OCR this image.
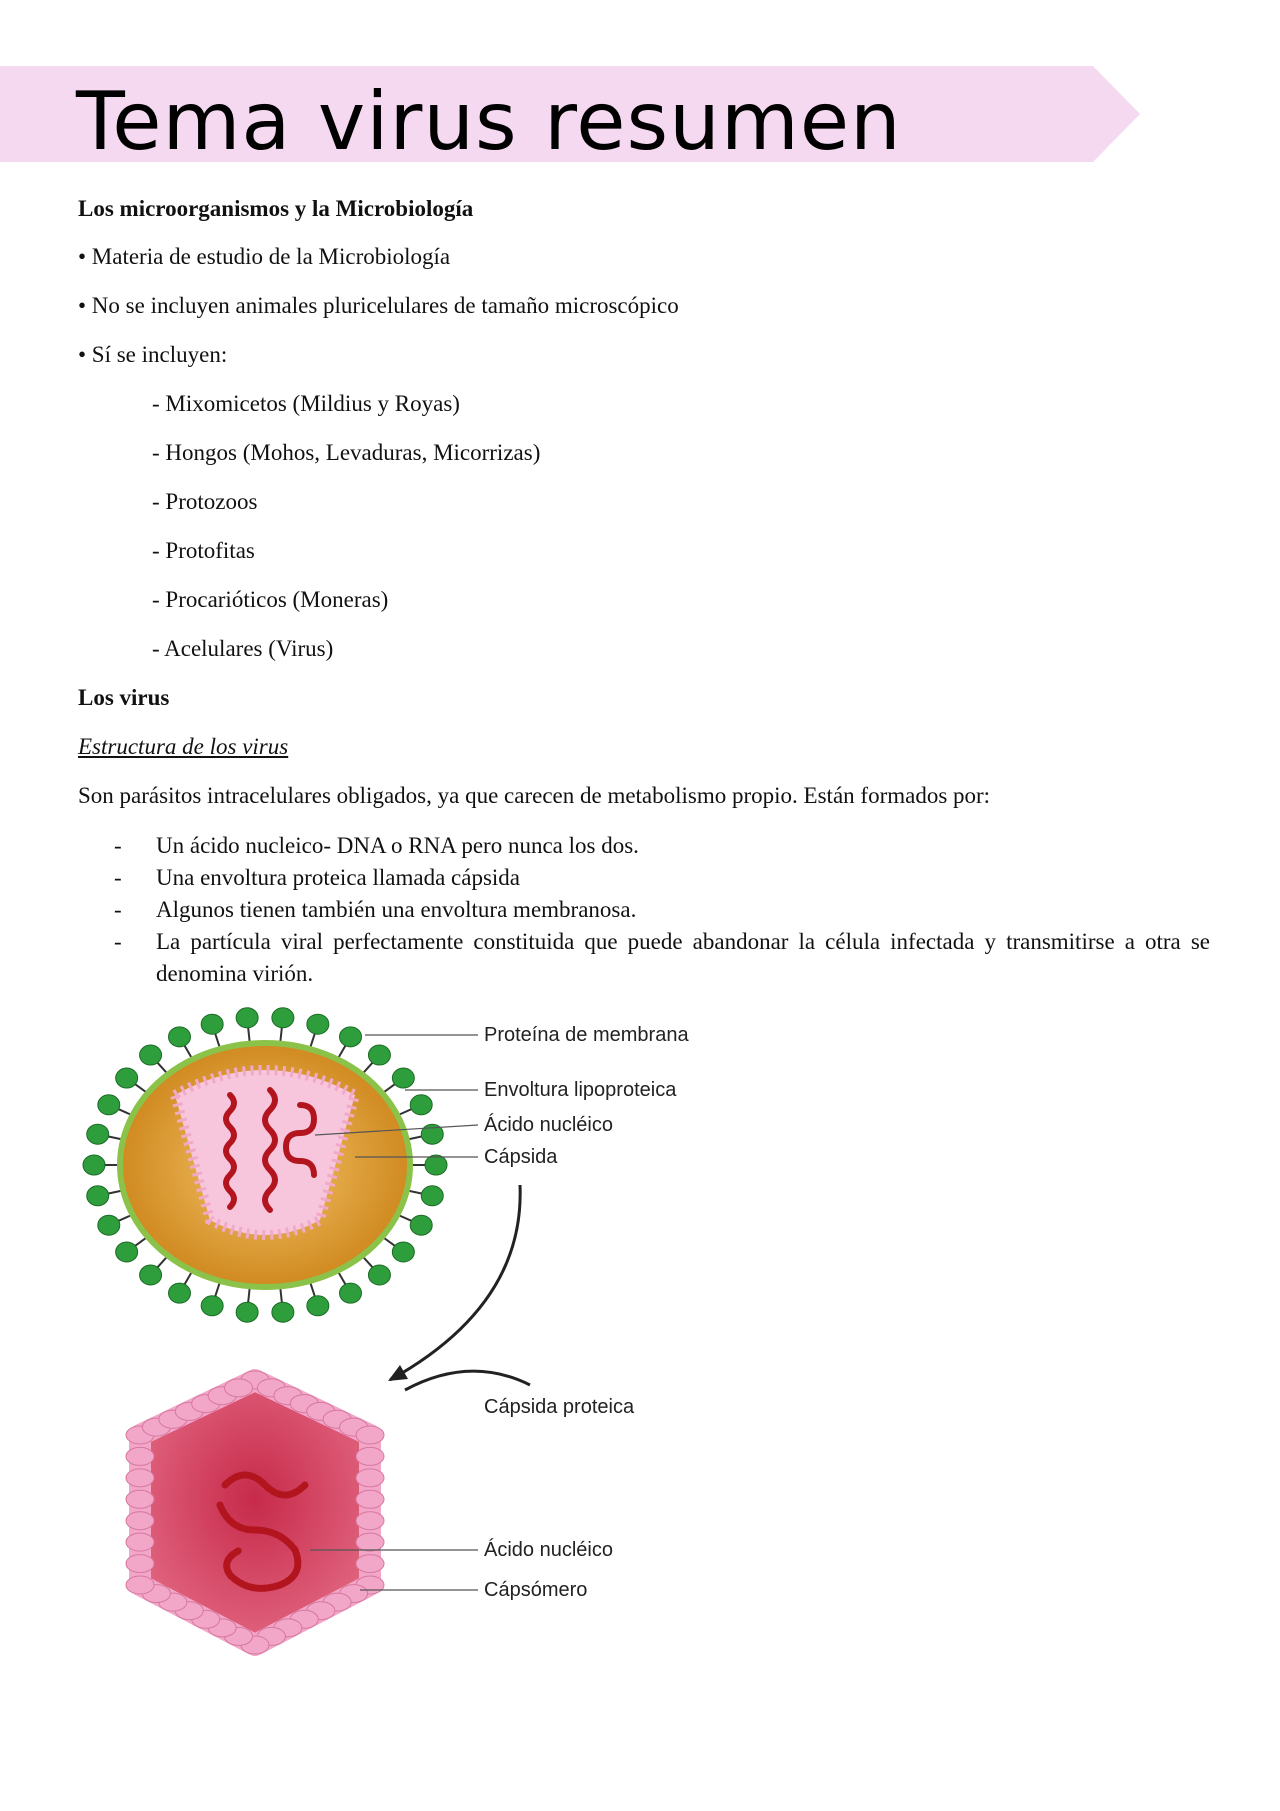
Tema virus resumen

Los microorganismos y la Microbiología

• Materia de estudio de la Microbiología

• No se incluyen animales pluricelulares de tamaño microscópico

• Sí se incluyen:

- Mixomicetos (Mildius y Royas)

- Hongos (Mohos, Levaduras, Micorrizas)

- Protozoos

- Protofitas

- Procarióticos (Moneras)

- Acelulares (Virus)

Los virus

Estructura de los virus

Son parásitos intracelulares obligados, ya que carecen de metabolismo propio. Están formados por:

- Un ácido nucleico- DNA o RNA pero nunca los dos.

- Una envoltura proteica llamada cápsida

- Algunos tienen también una envoltura membranosa.

- La partícula viral perfectamente constituida que puede abandonar la célula infectada y transmitirse a otra se denomina virión.

Proteína de membrana
Envoltura lipoproteica
Ácido nucléico
Cápsida
Cápsida proteica
Ácido nucléico
Cápsómero
